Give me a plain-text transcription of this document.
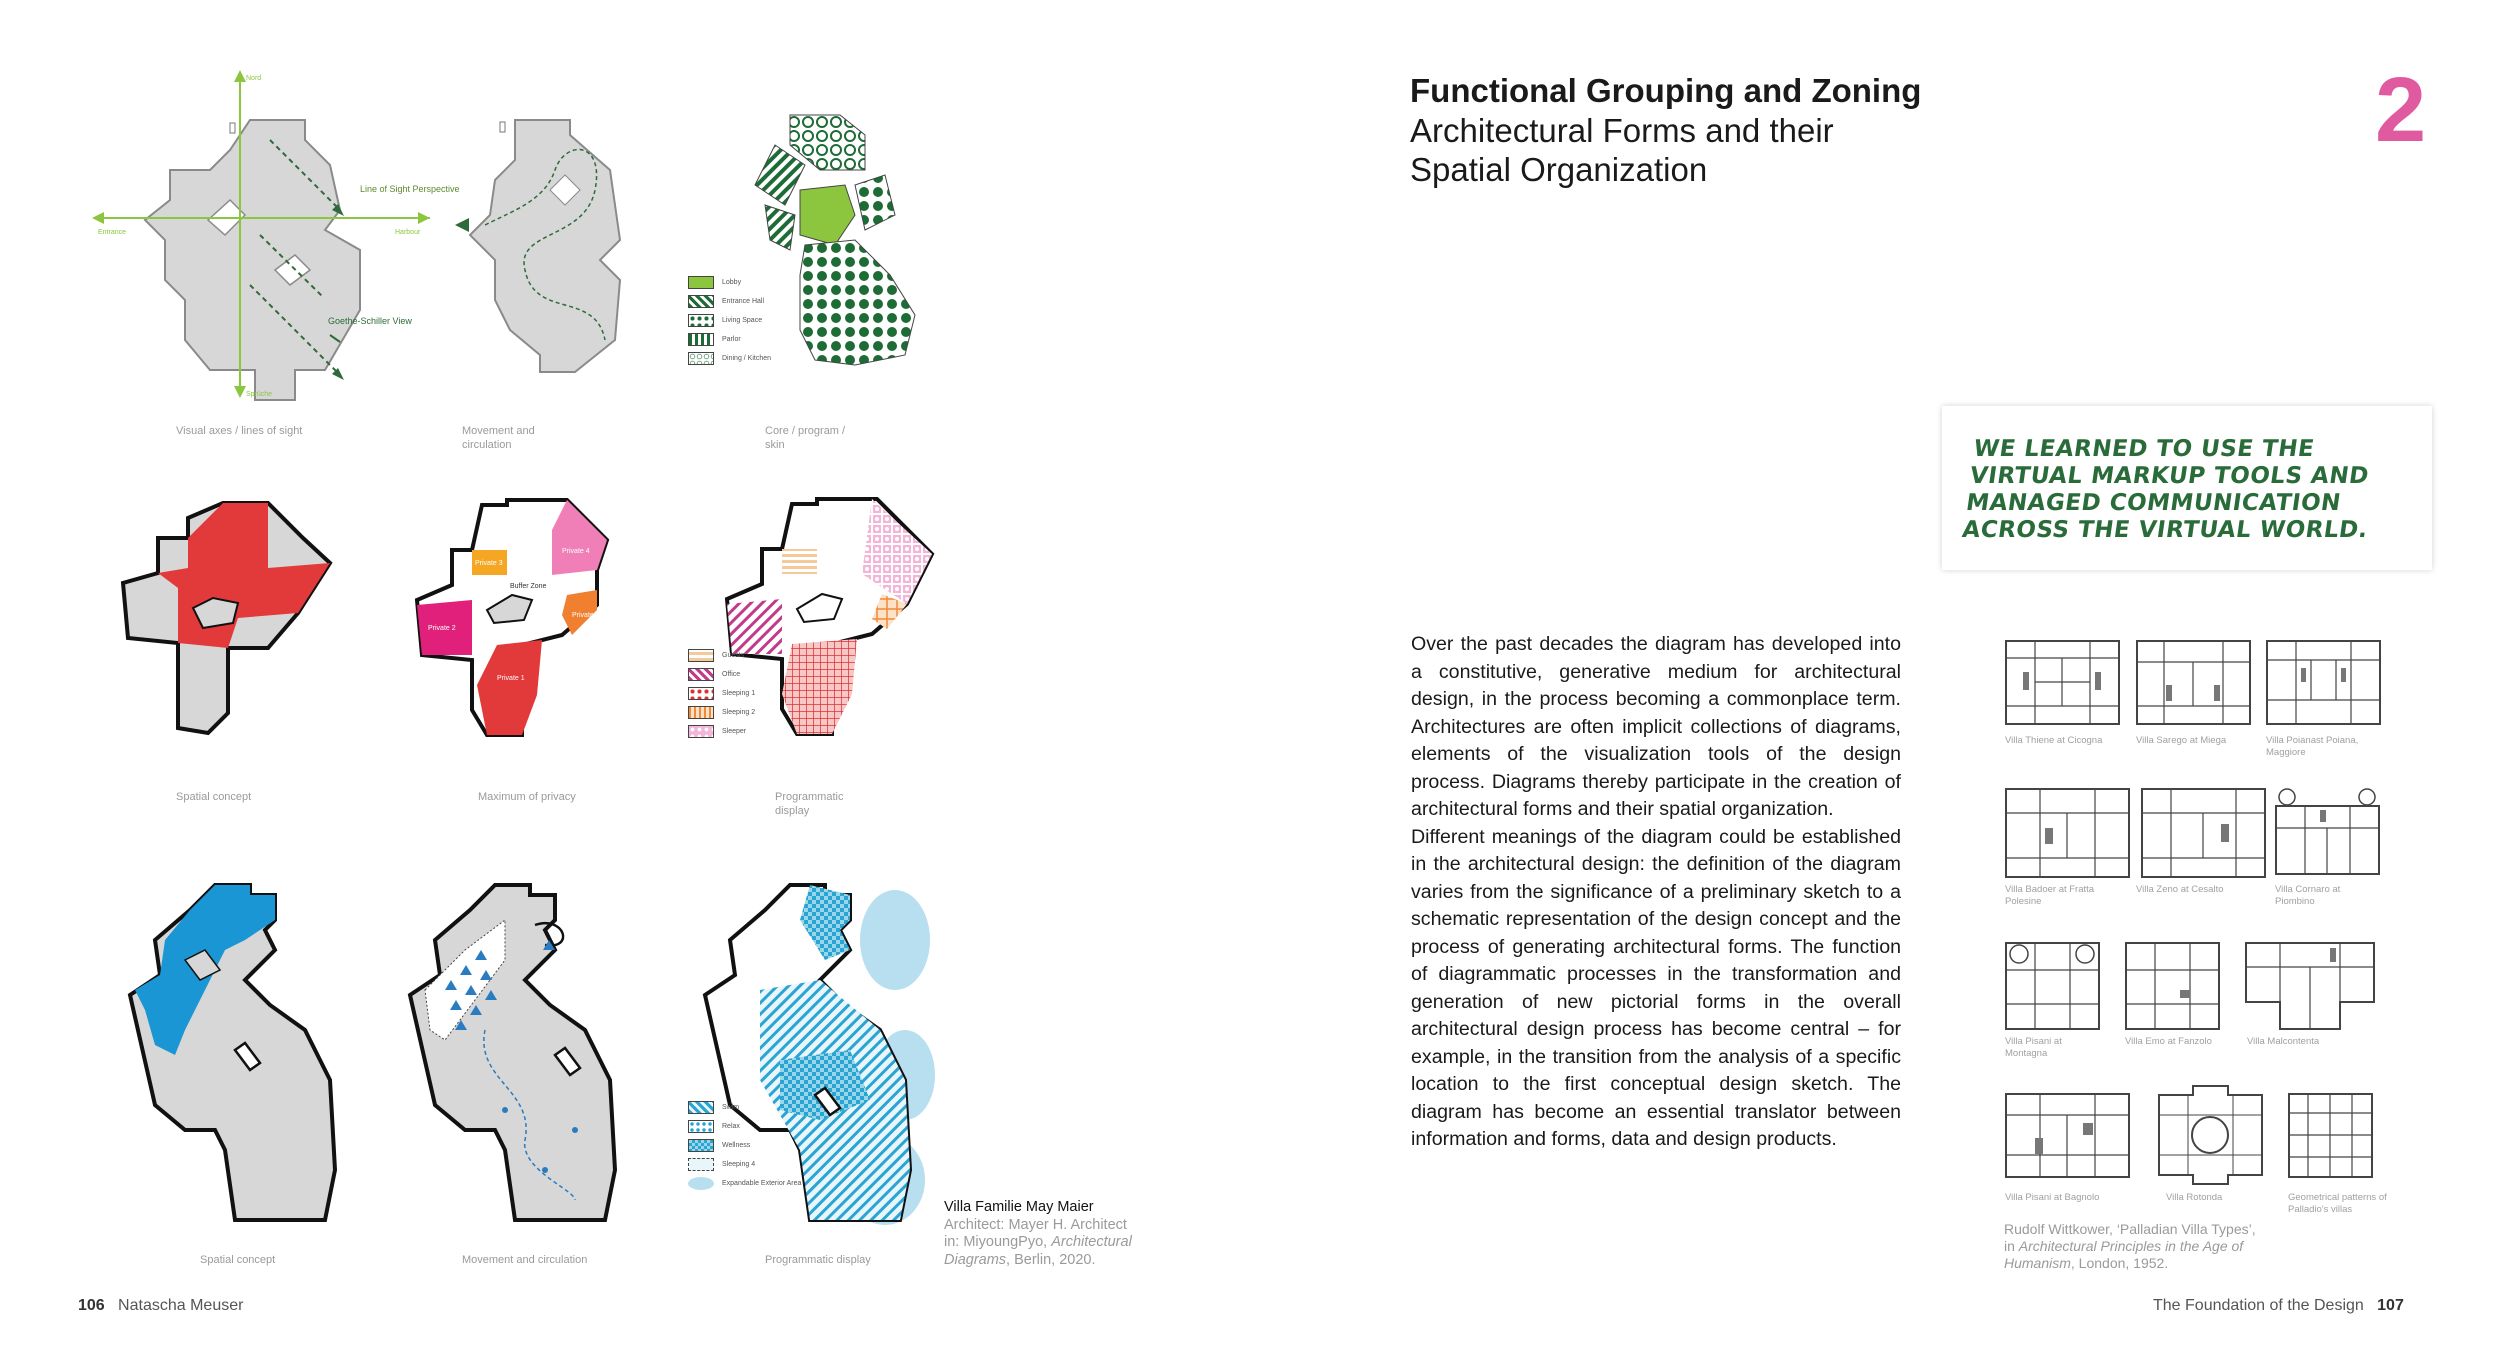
Nord
Sprüche
Entrance	Harbour
Line of Sight Perspective
Goethe-Schiller View
Lobby
Entrance Hall
Living Space
Parlor
Dining / Kitchen
Visual axes / lines of sight	Movement and circulation
Core / program / skin
Buffer Zone
Private 1
Private 2
Private 3
Private 4
Private 5
Guests
Office
Sleeping 1
Sleeping 2
Sleeper
Spatial concept	Maximum of privacy	Programmatic display
Swim
Relax
Wellness
Sleeping 4
Expandable Exterior Area
Spatial concept	Movement and circulation	Programmatic display
Villa Familie May Maier
Architect: Mayer H. Architect
in: MiyoungPyo, Architectural
Diagrams, Berlin, 2020.
106 Natascha Meuser
Functional Grouping and Zoning
Architectural Forms and their
Spatial Organization
2
WE LEARNED TO USE THE VIRTUAL MARKUP TOOLS AND MANAGED COMMUNICATION ACROSS THE VIRTUAL WORLD.

Over the past decades the diagram has developed into a constitutive, generative medium for architectural design, in the process becoming a commonplace term. Architectures are often implicit collections of diagrams, elements of the visualization tools of the design process. Diagrams thereby participate in the creation of architectural forms and their spatial organization.

Different meanings of the diagram could be established in the architectural design: the definition of the diagram varies from the significance of a preliminary sketch to a schematic representation of the design concept and the process of generating architectural forms. The function of diagrammatic processes in the transformation and generation of new pictorial forms in the overall architectural design process has become central – for example, in the transition from the analysis of a specific location to the first conceptual design sketch. The diagram has become an essential translator between information and forms, data and design products.

Villa Thiene at Cicogna	Villa Sarego at Miega	Villa Poianast Poiana, Maggiore
Villa Badoer at Fratta Polesine
Villa Zeno at Cesalto	Villa Cornaro at Piombino
Villa Pisani at Montagna
Villa Emo at Fanzolo	Villa Malcontenta
Villa Pisani at Bagnolo	Villa Rotonda	Geometrical patterns of Palladio's villas
Rudolf Wittkower, ‘Palladian Villa Types’,
in Architectural Principles in the Age of
Humanism, London, 1952.
The Foundation of the Design 107
